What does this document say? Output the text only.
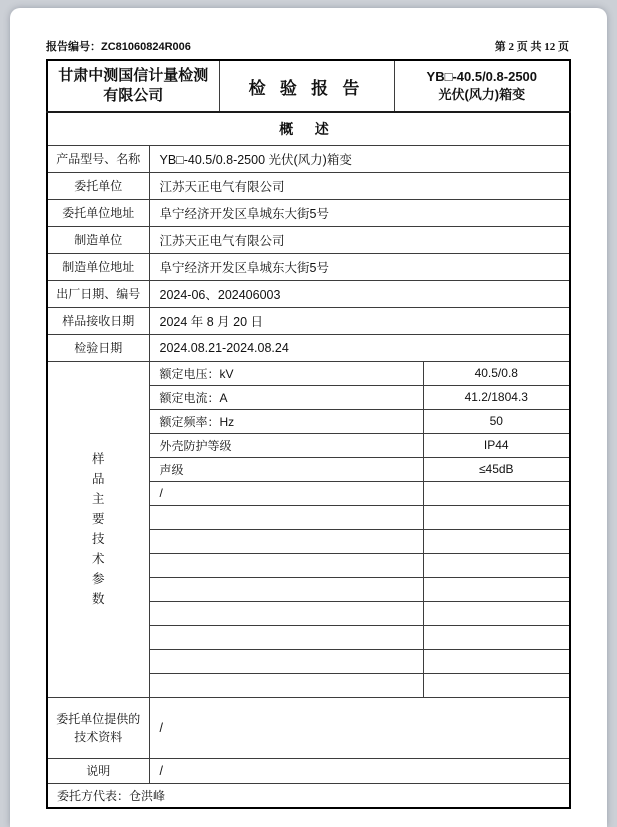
报告编号：ZC81060824R006	第 2 页 共 12 页
甘肃中测国信计量检测
有限公司	检 验 报 告	
YB□-40.5/0.8-2500
光伏(风力)箱变

概 述				
产品型号、名称	YB□-40.5/0.8-2500 光伏(风力)箱变			
委托单位	江苏天正电气有限公司			
委托单位地址	阜宁经济开发区阜城东大街5号			
制造单位	江苏天正电气有限公司			
制造单位地址	阜宁经济开发区阜城东大街5号			
出厂日期、编号	2024-06、202406003			
样品接收日期	2024 年 8 月 20 日			
检验日期	2024.08.21-2024.08.24			

样品主要技术参数	额定电压：kV			40.5/0.8
	额定电流：A			41.2/1804.3
	额定频率：Hz			50
	外壳防护等级			IP44
	声级			≤45dB
	/			

委托单位提供的
技术资料	/			
说明	/			
委托方代表：仓洪峰				
